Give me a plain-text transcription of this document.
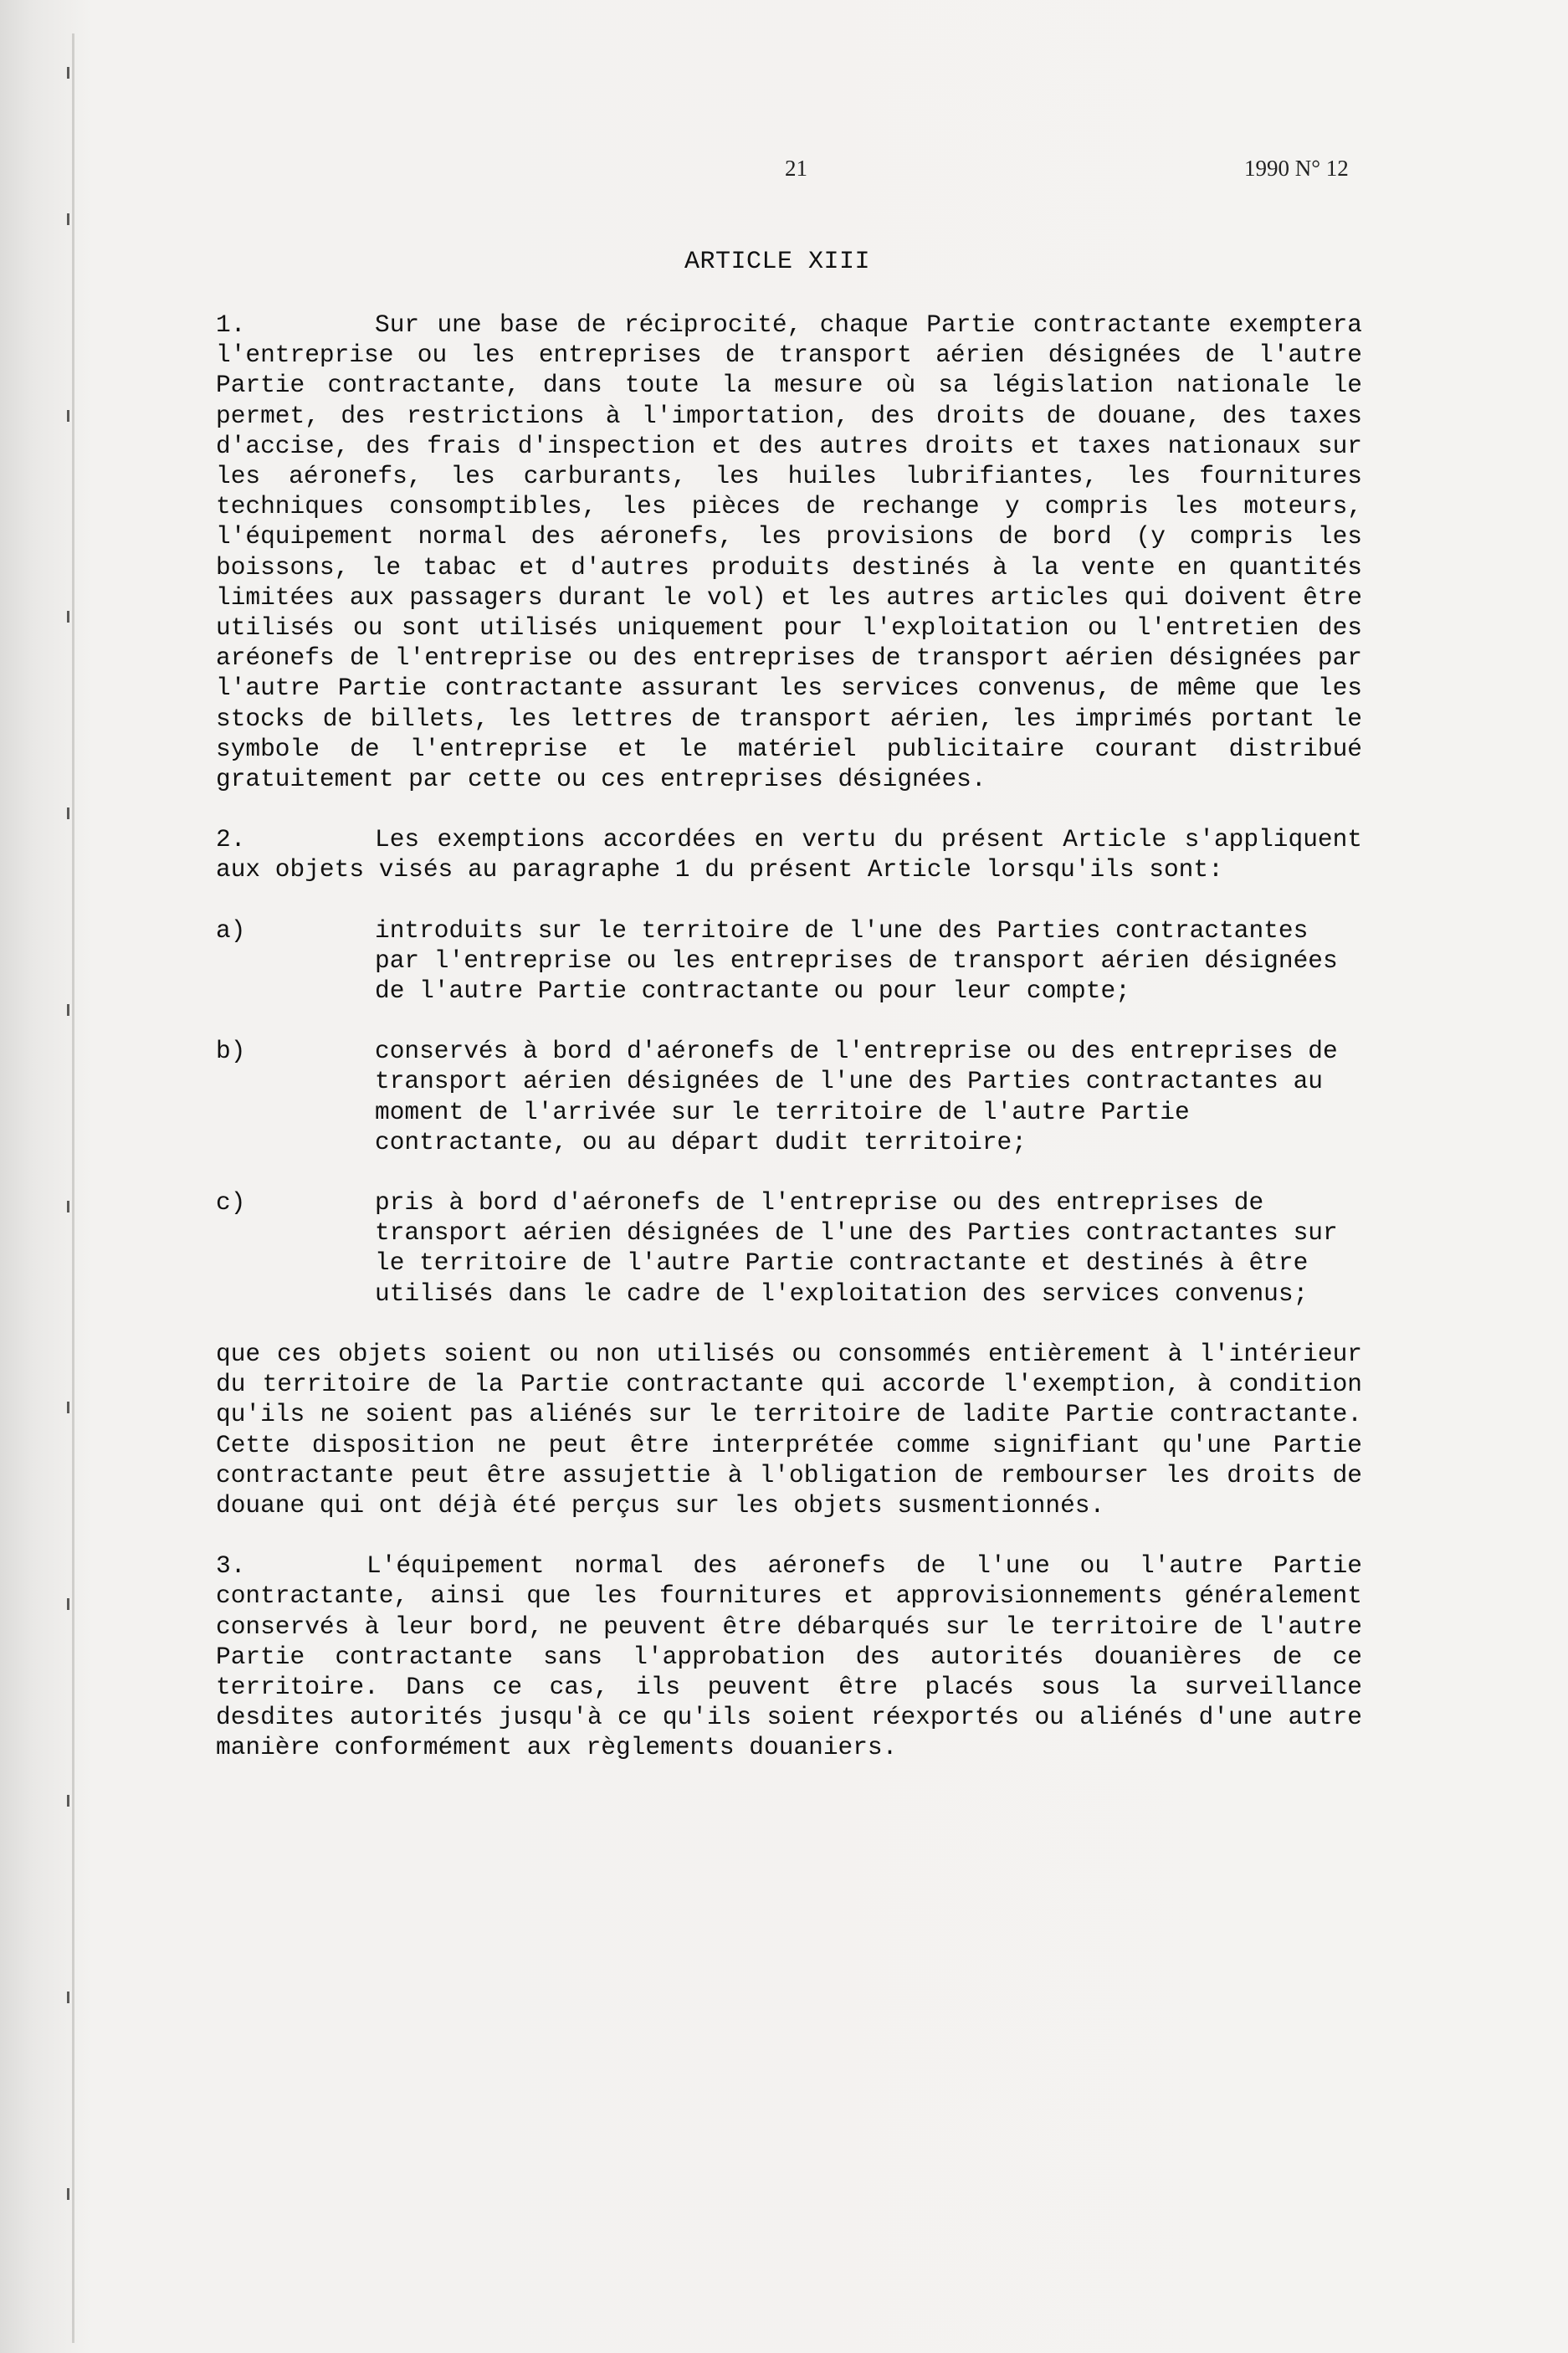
21	1990 N° 12
ARTICLE XIII

1.	Sur une base de réciprocité, chaque Partie contractante exemptera l'entreprise ou les entreprises de transport aérien désignées de l'autre Partie contractante, dans toute la mesure où sa législation nationale le permet, des restrictions à l'importation, des droits de douane, des taxes d'accise, des frais d'inspection et des autres droits et taxes nationaux sur les aéronefs, les carburants, les huiles lubrifiantes, les fournitures techniques consomptibles, les pièces de rechange y compris les moteurs, l'équipement normal des aéronefs, les provisions de bord (y compris les boissons, le tabac et d'autres produits destinés à la vente en quantités limitées aux passagers durant le vol) et les autres articles qui doivent être utilisés ou sont utilisés uniquement pour l'exploitation ou l'entretien des aréonefs de l'entreprise ou des entreprises de transport aérien désignées par l'autre Partie contractante assurant les services convenus, de même que les stocks de billets, les lettres de transport aérien, les imprimés portant le symbole de l'entreprise et le matériel publicitaire courant distribué gratuitement par cette ou ces entreprises désignées.

2.	Les exemptions accordées en vertu du présent Article s'appliquent aux objets visés au paragraphe 1 du présent Article lorsqu'ils sont:

a)	introduits sur le territoire de l'une des Parties contractantes par l'entreprise ou les entreprises de transport aérien désignées de l'autre Partie contractante ou pour leur compte;
b)	conservés à bord d'aéronefs de l'entreprise ou des entreprises de transport aérien désignées de l'une des Parties contractantes au moment de l'arrivée sur le territoire de l'autre Partie contractante, ou au départ dudit territoire;
c)	pris à bord d'aéronefs de l'entreprise ou des entreprises de transport aérien désignées de l'une des Parties contractantes sur le territoire de l'autre Partie contractante et destinés à être utilisés dans le cadre de l'exploitation des services convenus;

que ces objets soient ou non utilisés ou consommés entièrement à l'intérieur du territoire de la Partie contractante qui accorde l'exemption, à condition qu'ils ne soient pas aliénés sur le territoire de ladite Partie contractante. Cette disposition ne peut être interprétée comme signifiant qu'une Partie contractante peut être assujettie à l'obligation de rembourser les droits de douane qui ont déjà été perçus sur les objets susmentionnés.

3.	L'équipement normal des aéronefs de l'une ou l'autre Partie contractante, ainsi que les fournitures et approvisionnements généralement conservés à leur bord, ne peuvent être débarqués sur le territoire de l'autre Partie contractante sans l'approbation des autorités douanières de ce territoire. Dans ce cas, ils peuvent être placés sous la surveillance desdites autorités jusqu'à ce qu'ils soient réexportés ou aliénés d'une autre manière conformément aux règlements douaniers.
